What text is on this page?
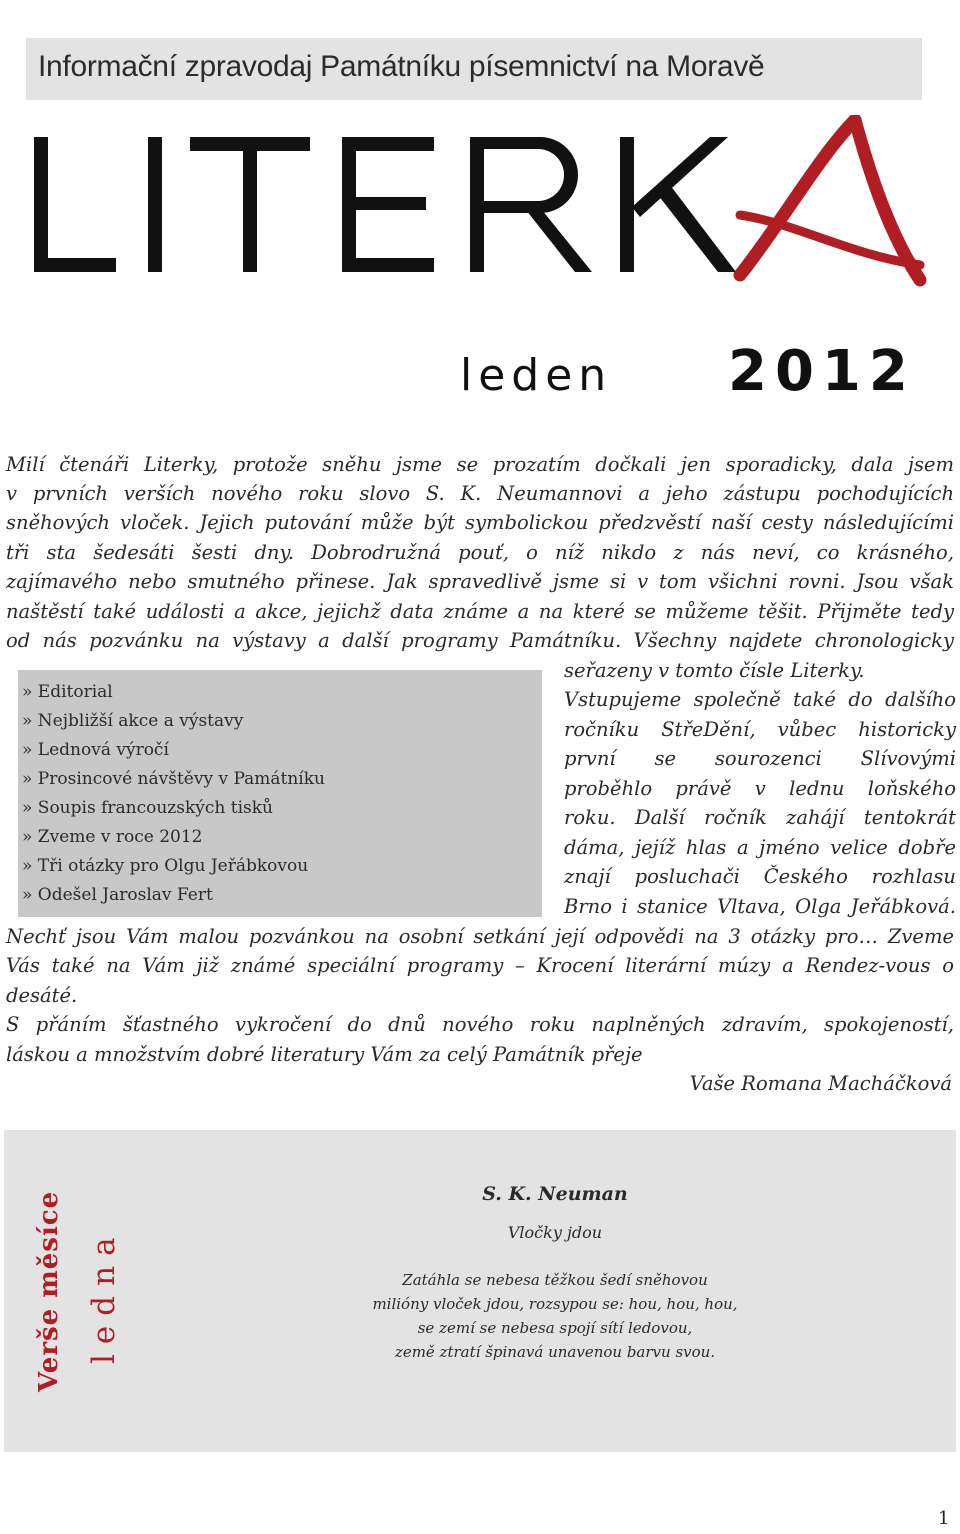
Informační zpravodaj Památníku písemnictví na Moravě
leden 2012
Milí čtenáři Literky, protože sněhu jsme se prozatím dočkali jen sporadicky, dala jsem
v prvních verších nového roku slovo S. K. Neumannovi a jeho zástupu pochodujících
sněhových vloček. Jejich putování může být symbolickou předzvěstí naší cesty následujícími
tři sta šedesáti šesti dny. Dobrodružná pouť, o níž nikdo z nás neví, co krásného,
zajímavého nebo smutného přinese. Jak spravedlivě jsme si v tom všichni rovni. Jsou však
naštěstí také události a akce, jejichž data známe a na které se můžeme těšit. Přijměte tedy
od nás pozvánku na výstavy a další programy Památníku. Všechny najdete chronologicky
» Editorial
» Nejbližší akce a výstavy
» Lednová výročí
» Prosincové návštěvy v Památníku
» Soupis francouzských tisků
» Zveme v roce 2012
» Tři otázky pro Olgu Jeřábkovou
» Odešel Jaroslav Fert
seřazeny v tomto čísle Literky.
Vstupujeme společně také do dalšího
ročníku StřeDění, vůbec historicky
první se sourozenci Slívovými
proběhlo právě v lednu loňského
roku. Další ročník zahájí tentokrát
dáma, jejíž hlas a jméno velice dobře
znají posluchači Českého rozhlasu
Brno i stanice Vltava, Olga Jeřábková.
Nechť jsou Vám malou pozvánkou na osobní setkání její odpovědi na 3 otázky pro… Zveme
Vás také na Vám již známé speciální programy – Krocení literární múzy a Rendez-vous o
desáté.
S přáním šťastného vykročení do dnů nového roku naplněných zdravím, spokojeností,
láskou a množstvím dobré literatury Vám za celý Památník přeje
Vaše Romana Macháčková
Verše měsíce ledna
S. K. Neuman
Vločky jdou
Zatáhla se nebesa těžkou šedí sněhovou
milióny vloček jdou, rozsypou se: hou, hou, hou,
se zemí se nebesa spojí sítí ledovou,
země ztratí špinavá unavenou barvu svou.
1
